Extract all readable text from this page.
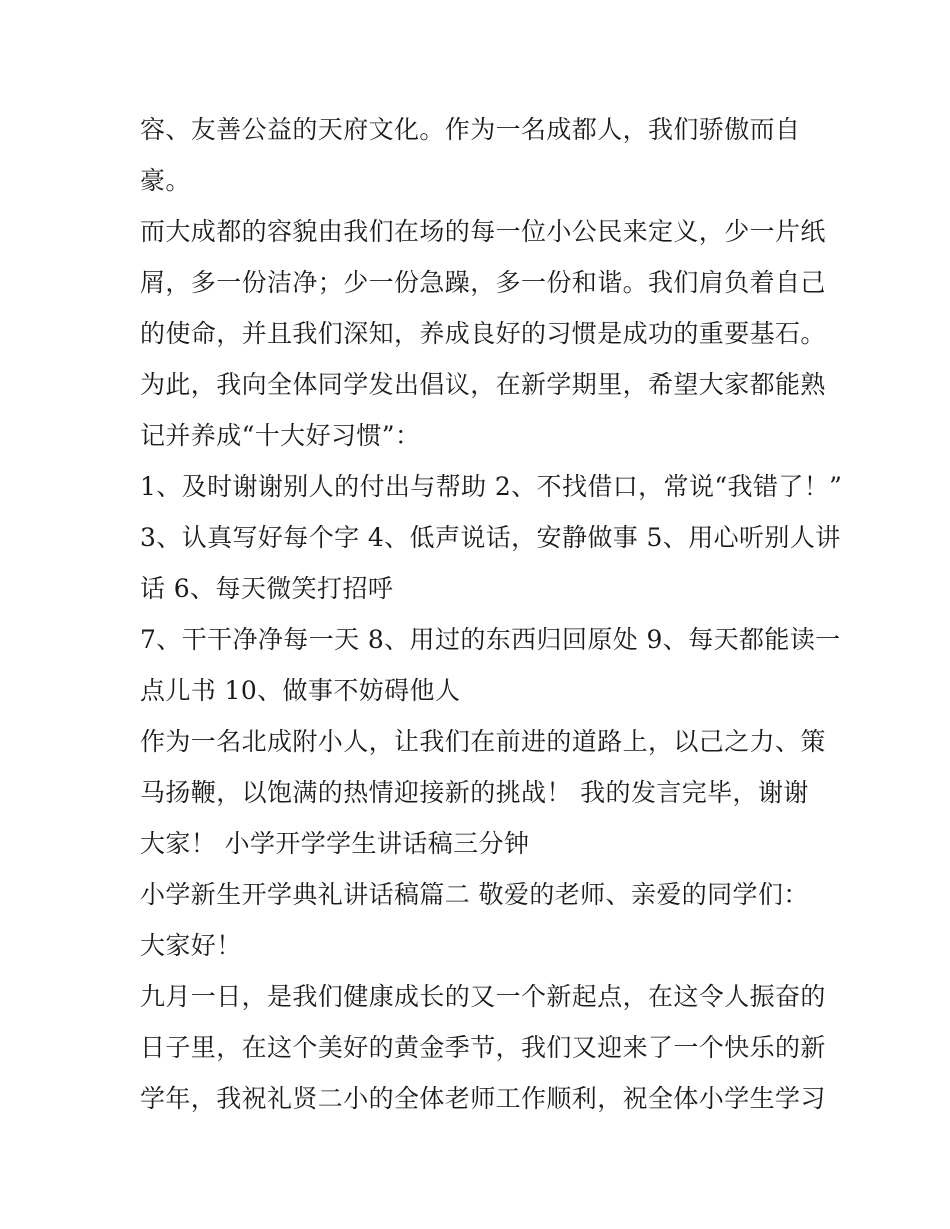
容、友善公益的天府文化。作为一名成都人，我们骄傲而自
豪。
而大成都的容貌由我们在场的每一位小公民来定义，少一片纸
屑，多一份洁净；少一份急躁，多一份和谐。我们肩负着自己
的使命，并且我们深知，养成良好的习惯是成功的重要基石。
为此，我向全体同学发出倡议，在新学期里，希望大家都能熟
记并养成“十大好习惯”：
1、及时谢谢别人的付出与帮助 2、不找借口，常说“我错了！”
3、认真写好每个字 4、低声说话，安静做事 5、用心听别人讲
话 6、每天微笑打招呼
7、干干净净每一天 8、用过的东西归回原处 9、每天都能读一
点儿书 10、做事不妨碍他人
作为一名北成附小人，让我们在前进的道路上，以己之力、策
马扬鞭，以饱满的热情迎接新的挑战！ 我的发言完毕，谢谢
大家！ 小学开学学生讲话稿三分钟
小学新生开学典礼讲话稿篇二 敬爱的老师、亲爱的同学们：
大家好！
九月一日，是我们健康成长的又一个新起点，在这令人振奋的
日子里，在这个美好的黄金季节，我们又迎来了一个快乐的新
学年，我祝礼贤二小的全体老师工作顺利，祝全体小学生学习
